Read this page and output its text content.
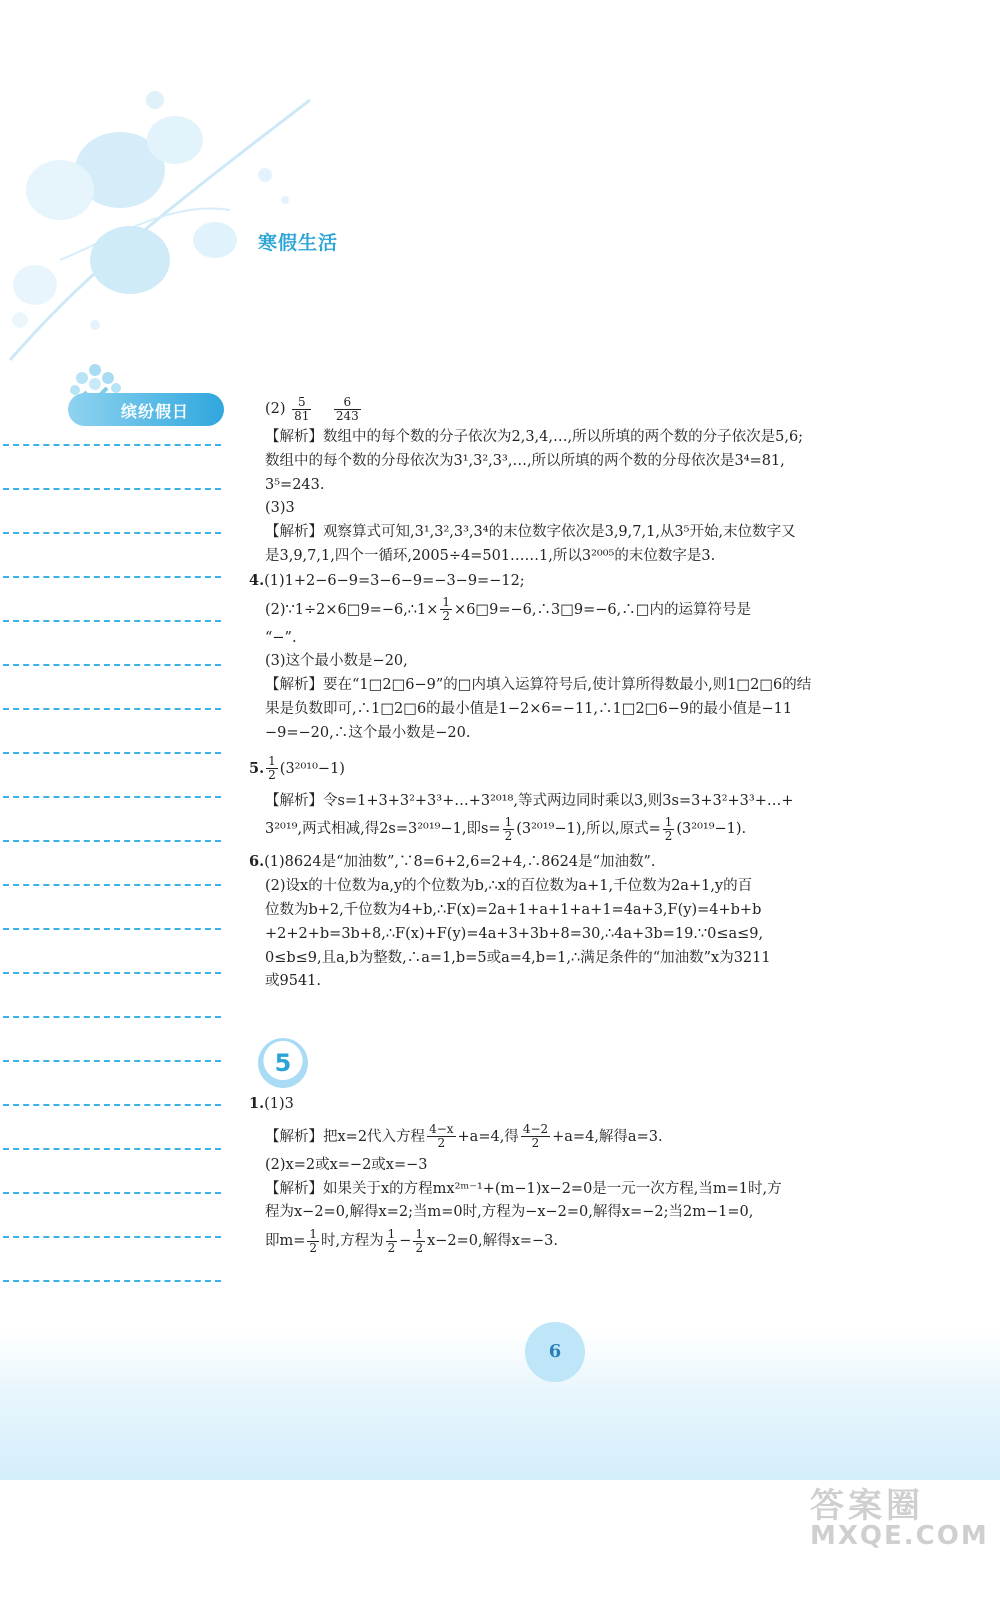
寒假生活
缤纷假日	$(2) \frac{5}{81}$
$\frac{6}{243}$

【解析】数组中的每个数的分子依次为2,3,4,…,所以所填的两个数的分子依次是5,6;

数组中的每个数的分母依次为3¹,3²,3³,…,所以所填的两个数的分母依次是3⁴=81,

3⁵=243.

(3)3

【解析】观察算式可知,3¹,3²,3³,3⁴的末位数字依次是3,9,7,1,从3⁵开始,末位数字又

是3,9,7,1,四个一循环,2005÷4=501……1,所以3²⁰⁰⁵的末位数字是3.

4.(1)1+2−6−9=3−6−9=−3−9=−12;

(2)∵1÷2×6□9=−6,∴1× $\frac{1}{2}$ ×6□9=−6,∴3□9=−6,∴□内的运算符号是

“−”.

(3)这个最小数是−20,

【解析】要在“1□2□6−9”的□内填入运算符号后,使计算所得数最小,则1□2□6的结

果是负数即可,∴1□2□6的最小值是1−2×6=−11,∴1□2□6−9的最小值是−11

−9=−20,∴这个最小数是−20.

5. $\frac{1}{2} (3^{2010}-1)$

【解析】令s=1+3+3²+3³+…+3²⁰¹⁸,等式两边同时乘以3,则3s=3+3²+3³+…+

3²⁰¹⁹,两式相减,得2s=3²⁰¹⁹−1,即$s= \frac{1}{2} (3^{2019}-1)$,所以,原式= $\frac{1}{2} (3^{2019}-1)$.

6.(1)8624是“加油数”,∵8=6+2,6=2+4,∴8624是“加油数”.

(2)设x的十位数为a,y的个位数为b,∴x的百位数为a+1,千位数为2a+1,y的百

位数为b+2,千位数为4+b,∴F(x)=2a+1+a+1+a+1=4a+3,F(y)=4+b+b

+2+2+b=3b+8,∴F(x)+F(y)=4a+3+3b+8=30,∴4a+3b=19.∵0≤a≤9,

0≤b≤9,且a,b为整数,∴a=1,b=5或a=4,b=1,∴满足条件的“加油数”x为3211

或9541.

5

1.(1)3

【解析】把x=2代入方程 $\frac{4-x}{2} +a=4$,得 $\frac{4-2}{2} +a=4$,解得a=3.

(2)x=2或x=−2或x=−3

【解析】如果关于x的方程mx²ᵐ⁻¹+(m−1)x−2=0是一元一次方程,当m=1时,方

程为x−2=0,解得x=2;当m=0时,方程为−x−2=0,解得x=−2;当2m−1=0,

即$m= \frac{1}{2}$ 时,方程为 $\frac{1}{2} - \frac{1}{2} x-2=0$,解得x=−3.

6
答案圈
MXQE.COM
